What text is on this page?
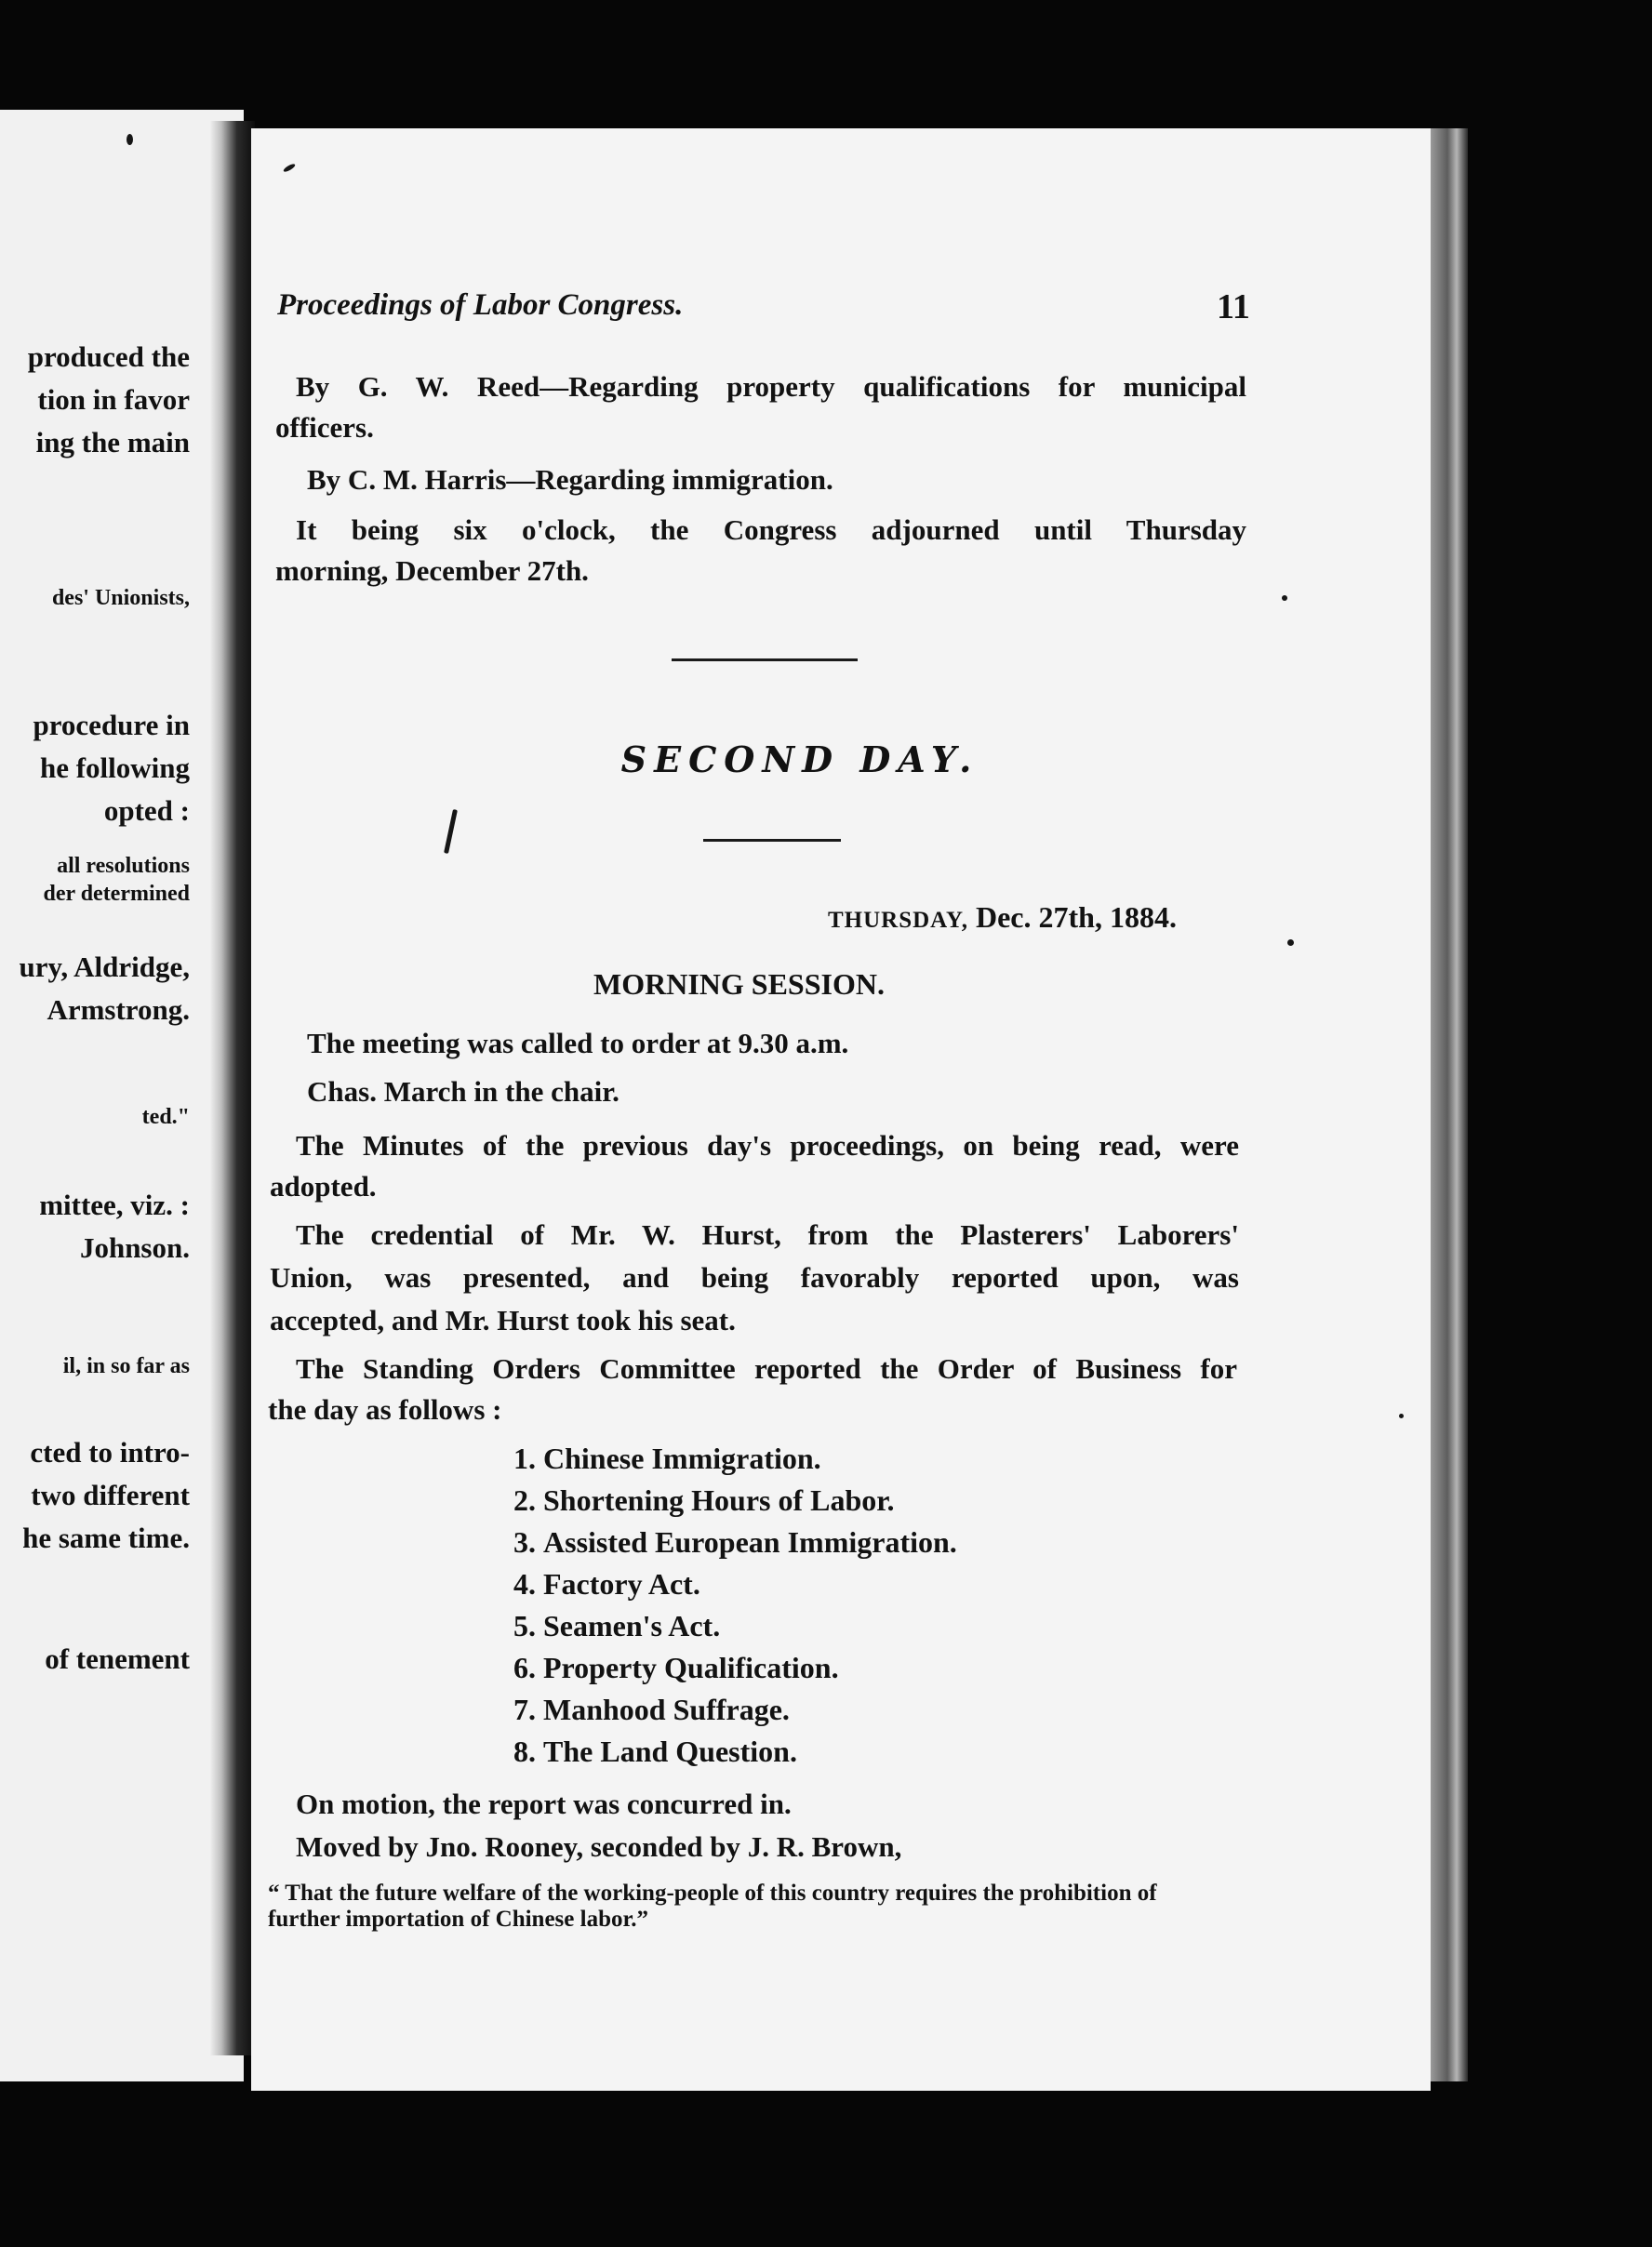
produced the
tion in favor
ing the main
des' Unionists,
procedure in
he following
opted :
all resolutions
der determined
ury, Aldridge,
Armstrong.
ted."
mittee, viz. :
Johnson.
il, in so far as
cted to intro-
two different
he same time.
of tenement
Proceedings of Labor Congress.	11
By G. W. Reed—Regarding property qualifications for municipal
officers.
By C. M. Harris—Regarding immigration.
It being six o'clock, the Congress adjourned until Thursday
morning, December 27th.
SECOND DAY.
THURSDAY, Dec. 27th, 1884.
MORNING SESSION.
The meeting was called to order at 9.30 a.m.
Chas. March in the chair.
The Minutes of the previous day's proceedings, on being read, were
adopted.
The credential of Mr. W. Hurst, from the Plasterers' Laborers'
Union, was presented, and being favorably reported upon, was
accepted, and Mr. Hurst took his seat.
The Standing Orders Committee reported the Order of Business for
the day as follows :
1. Chinese Immigration.
2. Shortening Hours of Labor.
3. Assisted European Immigration.
4. Factory Act.
5. Seamen's Act.
6. Property Qualification.
7. Manhood Suffrage.
8. The Land Question.
On motion, the report was concurred in.
Moved by Jno. Rooney, seconded by J. R. Brown,
“ That the future welfare of the working-people of this country requires the prohibition of further importation of Chinese labor.”
